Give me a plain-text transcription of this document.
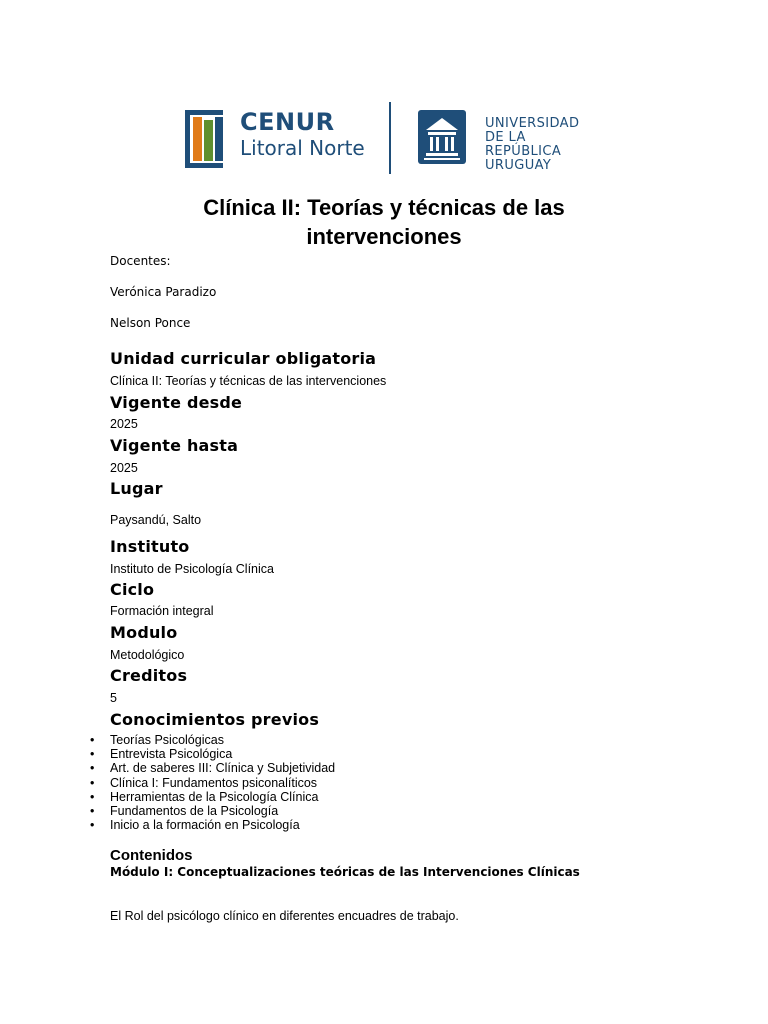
CENUR
Litoral Norte
UNIVERSIDAD
DE LA REPÚBLICA
URUGUAY
Clínica II: Teorías y técnicas de las intervenciones
Docentes:
Verónica Paradizo
Nelson Ponce
Unidad curricular obligatoria
Clínica II: Teorías y técnicas de las intervenciones
Vigente desde
2025
Vigente hasta
2025
Lugar
Paysandú, Salto
Instituto
Instituto de Psicología Clínica
Ciclo
Formación integral
Modulo
Metodológico
Creditos
5
Conocimientos previos
• Teorías Psicológicas
• Entrevista Psicológica
• Art. de saberes III: Clínica y Subjetividad
• Clínica I: Fundamentos psiconalíticos
• Herramientas de la Psicología Clínica
• Fundamentos de la Psicología
• Inicio a la formación en Psicología
Contenidos
Módulo I: Conceptualizaciones teóricas de las Intervenciones Clínicas
El Rol del psicólogo clínico en diferentes encuadres de trabajo.
